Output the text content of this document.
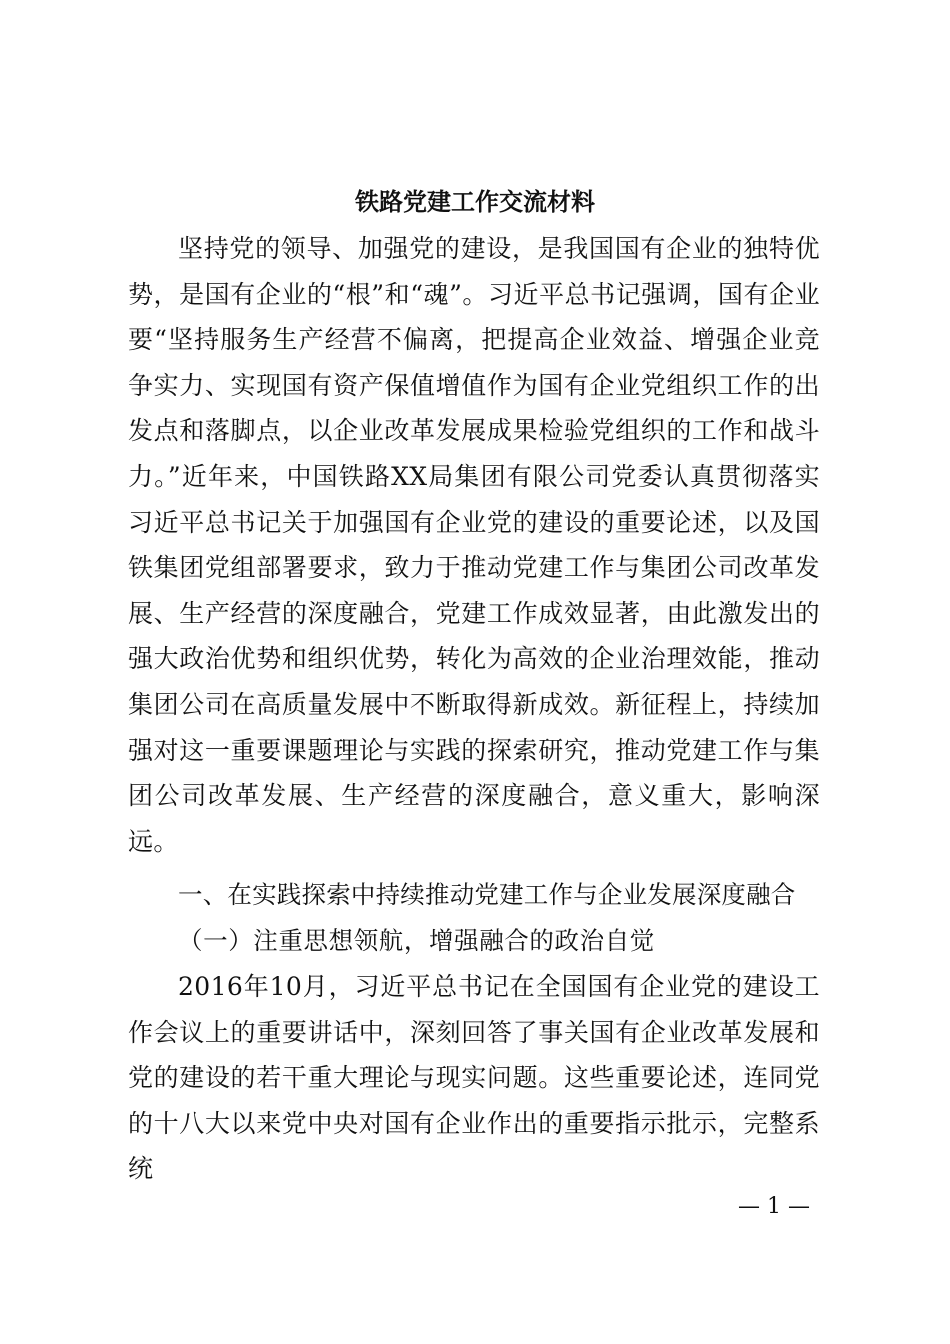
铁路党建工作交流材料
坚持党的领导、加强党的建设，是我国国有企业的独特优势，是国有企业的“根”和“魂”。习近平总书记强调，国有企业要“坚持服务生产经营不偏离，把提高企业效益、增强企业竞争实力、实现国有资产保值增值作为国有企业党组织工作的出发点和落脚点，以企业改革发展成果检验党组织的工作和战斗力。”近年来，中国铁路XX局集团有限公司党委认真贯彻落实习近平总书记关于加强国有企业党的建设的重要论述，以及国铁集团党组部署要求，致力于推动党建工作与集团公司改革发展、生产经营的深度融合，党建工作成效显著，由此激发出的强大政治优势和组织优势，转化为高效的企业治理效能，推动集团公司在高质量发展中不断取得新成效。新征程上，持续加强对这一重要课题理论与实践的探索研究，推动党建工作与集团公司改革发展、生产经营的深度融合，意义重大，影响深远。
一、在实践探索中持续推动党建工作与企业发展深度融合
（一）注重思想领航，增强融合的政治自觉
2016年10月，习近平总书记在全国国有企业党的建设工作会议上的重要讲话中，深刻回答了事关国有企业改革发展和党的建设的若干重大理论与现实问题。这些重要论述，连同党的十八大以来党中央对国有企业作出的重要指示批示，完整系统
— 1 —
